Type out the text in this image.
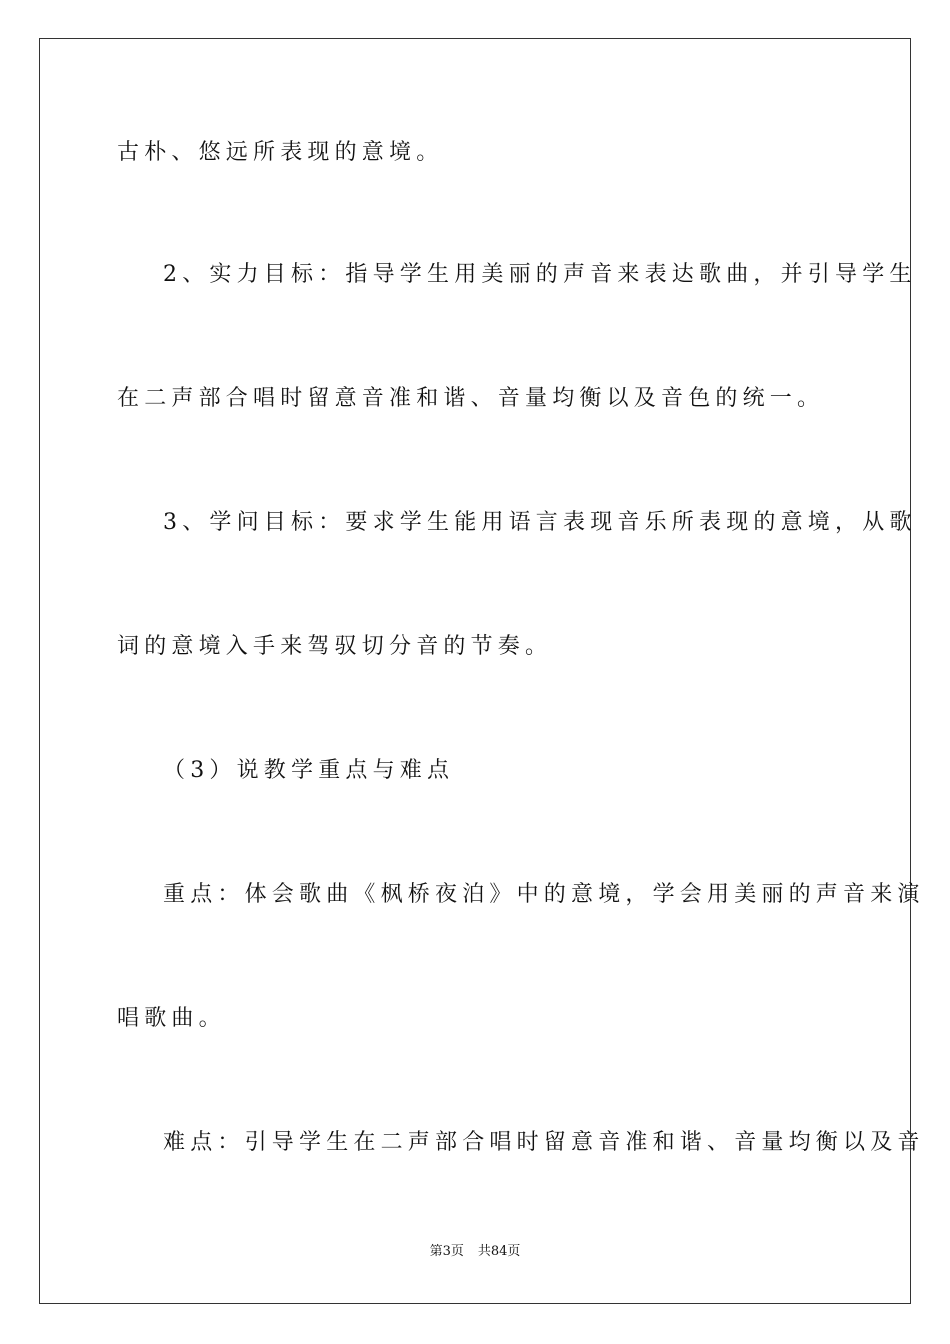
古朴、悠远所表现的意境。
2、实力目标：指导学生用美丽的声音来表达歌曲，并引导学生
在二声部合唱时留意音准和谐、音量均衡以及音色的统一。
3、学问目标：要求学生能用语言表现音乐所表现的意境，从歌
词的意境入手来驾驭切分音的节奏。
（3）说教学重点与难点
重点：体会歌曲《枫桥夜泊》中的意境，学会用美丽的声音来演
唱歌曲。
难点：引导学生在二声部合唱时留意音准和谐、音量均衡以及音
第3页 共84页
